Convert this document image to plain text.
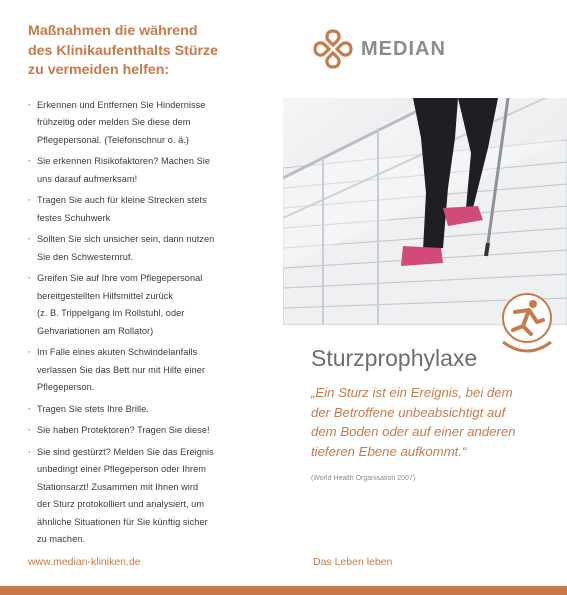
Maßnahmen die während
des Klinikaufenthalts Stürze
zu vermeiden helfen:
· Erkennen und Entfernen Sie Hindernisse
frühzeitig oder melden Sie diese dem
Pflegepersonal. (Telefonschnur o. ä.)
· Sie erkennen Risikofaktoren? Machen Sie
uns darauf aufmerksam!
· Tragen Sie auch für kleine Strecken stets
festes Schuhwerk
· Sollten Sie sich unsicher sein, dann nutzen
Sie den Schwesternruf.
· Greifen Sie auf Ihre vom Pflegepersonal
bereitgestellten Hilfsmittel zurück
(z. B. Trippelgang im Rollstuhl, oder
Gehvariationen am Rollator)
· Im Falle eines akuten Schwindelanfalls
verlassen Sie das Bett nur mit Hilfe einer
Pflegeperson.
· Tragen Sie stets Ihre Brille.
· Sie haben Protektoren? Tragen Sie diese!
· Sie sind gestürzt? Melden Sie das Ereignis
unbedingt einer Pflegeperson oder Ihrem
Stationsarzt! Zusammen mit Ihnen wird
der Sturz protokolliert und analysiert, um
ähnliche Situationen für Sie künftig sicher
zu machen.
www.median-kliniken.de	Das Leben leben
MEDIAN
Sturzprophylaxe
„Ein Sturz ist ein Ereignis, bei dem
der Betroffene unbeabsichtigt auf
dem Boden oder auf einer anderen
tieferen Ebene aufkommt.“
(World Health Organisation 2007)
